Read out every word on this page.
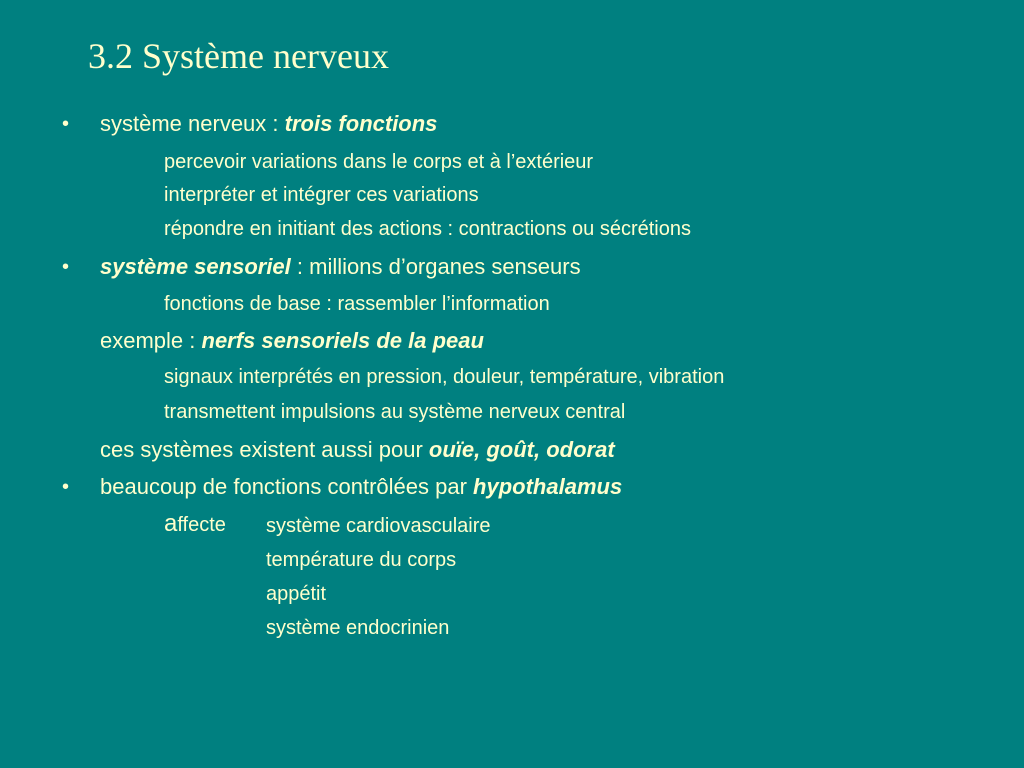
3.2 Système nerveux
• système nerveux : trois fonctions
percevoir variations dans le corps et à l’extérieur
interpréter et intégrer ces variations
répondre en initiant des actions : contractions ou sécrétions
• système sensoriel : millions d’organes senseurs
fonctions de base : rassembler l’information
exemple : nerfs sensoriels de la peau
signaux interprétés en pression, douleur, température, vibration
transmettent impulsions au système nerveux central
ces systèmes existent aussi pour ouïe, goût, odorat
• beaucoup de fonctions contrôlées par hypothalamus
affecte système cardiovasculaire
température du corps
appétit
système endocrinien
